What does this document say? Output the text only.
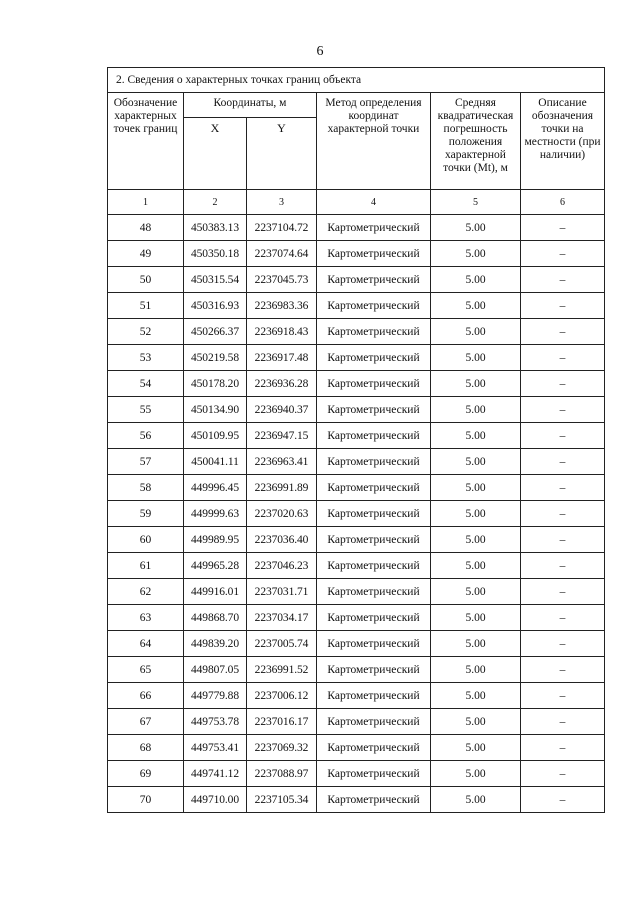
6
2. Сведения о характерных точках границ объекта					
Обозначение характерных точек границ	Координаты, м		Метод определения координат характерной точки	Средняя квадратическая погрешность положения характерной точки (Mt), м	Описание обозначения точки на местности (при наличии)
	X	Y			
1	2	3	4	5	6
48	450383.13	2237104.72	Картометрический	5.00	–
49	450350.18	2237074.64	Картометрический	5.00	–
50	450315.54	2237045.73	Картометрический	5.00	–
51	450316.93	2236983.36	Картометрический	5.00	–
52	450266.37	2236918.43	Картометрический	5.00	–
53	450219.58	2236917.48	Картометрический	5.00	–
54	450178.20	2236936.28	Картометрический	5.00	–
55	450134.90	2236940.37	Картометрический	5.00	–
56	450109.95	2236947.15	Картометрический	5.00	–
57	450041.11	2236963.41	Картометрический	5.00	–
58	449996.45	2236991.89	Картометрический	5.00	–
59	449999.63	2237020.63	Картометрический	5.00	–
60	449989.95	2237036.40	Картометрический	5.00	–
61	449965.28	2237046.23	Картометрический	5.00	–
62	449916.01	2237031.71	Картометрический	5.00	–
63	449868.70	2237034.17	Картометрический	5.00	–
64	449839.20	2237005.74	Картометрический	5.00	–
65	449807.05	2236991.52	Картометрический	5.00	–
66	449779.88	2237006.12	Картометрический	5.00	–
67	449753.78	2237016.17	Картометрический	5.00	–
68	449753.41	2237069.32	Картометрический	5.00	–
69	449741.12	2237088.97	Картометрический	5.00	–
70	449710.00	2237105.34	Картометрический	5.00	–
